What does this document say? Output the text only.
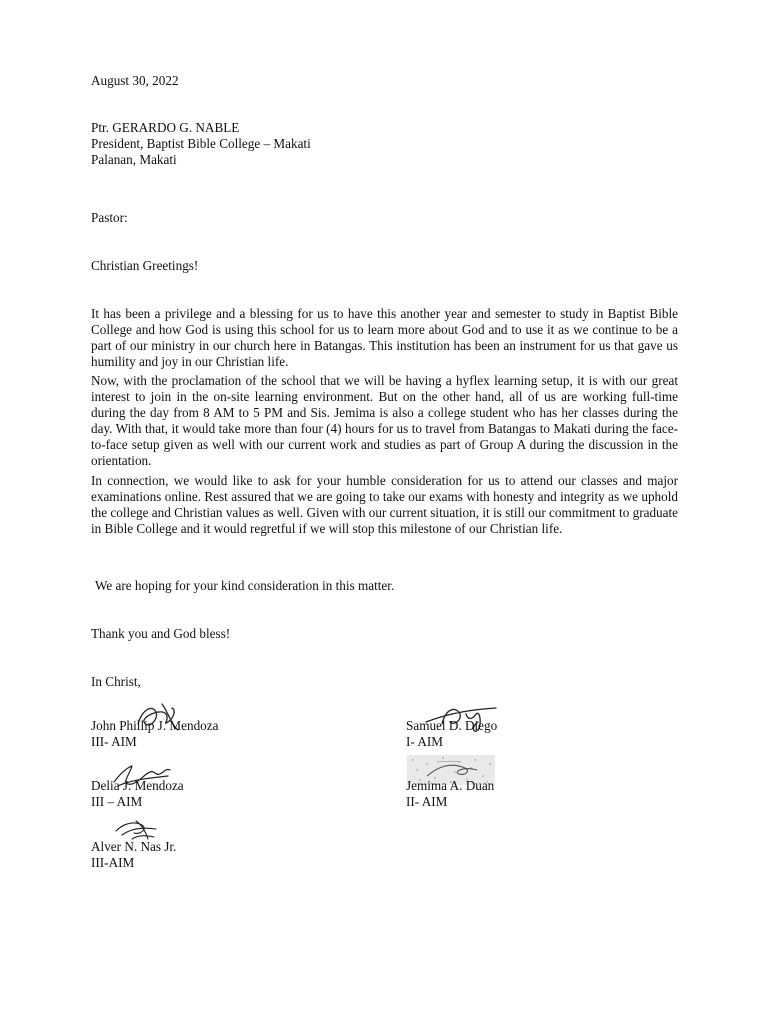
August 30, 2022
Ptr. GERARDO G. NABLE
President, Baptist Bible College – Makati
Palanan, Makati
Pastor:
Christian Greetings!
It has been a privilege and a blessing for us to have this another year and semester to study in Baptist Bible College and how God is using this school for us to learn more about God and to use it as we continue to be a part of our ministry in our church here in Batangas. This institution has been an instrument for us that gave us humility and joy in our Christian life.
Now, with the proclamation of the school that we will be having a hyflex learning setup, it is with our great interest to join in the on-site learning environment. But on the other hand, all of us are working full-time during the day from 8 AM to 5 PM and Sis. Jemima is also a college student who has her classes during the day. With that, it would take more than four (4) hours for us to travel from Batangas to Makati during the face-to-face setup given as well with our current work and studies as part of Group A during the discussion in the orientation.
In connection, we would like to ask for your humble consideration for us to attend our classes and major examinations online. Rest assured that we are going to take our exams with honesty and integrity as we uphold the college and Christian values as well. Given with our current situation, it is still our commitment to graduate in Bible College and it would regretful if we will stop this milestone of our Christian life.
We are hoping for your kind consideration in this matter.
Thank you and God bless!
In Christ,
John Phillip J. Mendoza
III- AIM
Samuel D. Diego
I- AIM
Delia J. Mendoza
III – AIM
Jemima A. Duan
II- AIM
Alver N. Nas Jr.
III-AIM
